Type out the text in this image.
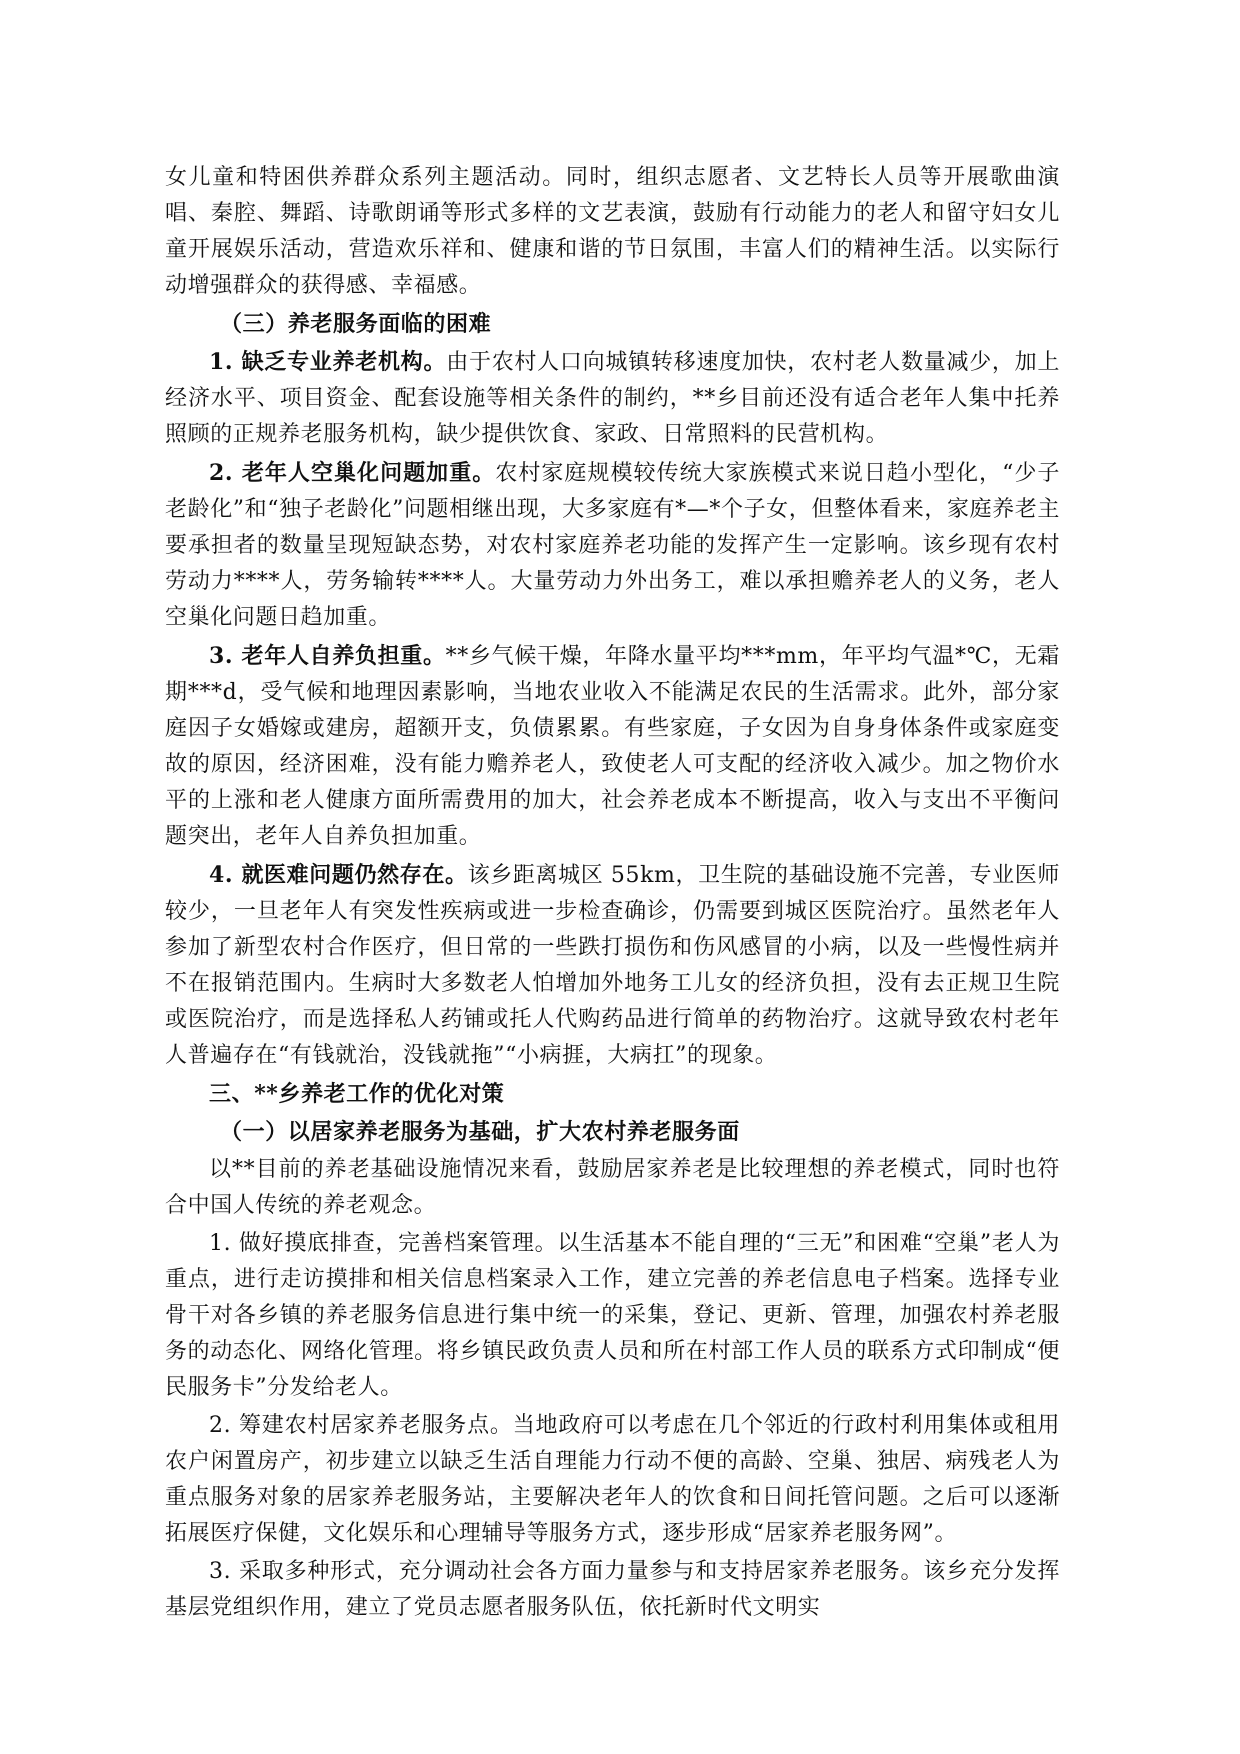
女儿童和特困供养群众系列主题活动。同时，组织志愿者、文艺特长人员等开展歌曲演唱、秦腔、舞蹈、诗歌朗诵等形式多样的文艺表演，鼓励有行动能力的老人和留守妇女儿童开展娱乐活动，营造欢乐祥和、健康和谐的节日氛围，丰富人们的精神生活。以实际行动增强群众的获得感、幸福感。

（三）养老服务面临的困难

1. 缺乏专业养老机构。由于农村人口向城镇转移速度加快，农村老人数量减少，加上经济水平、项目资金、配套设施等相关条件的制约，**乡目前还没有适合老年人集中托养照顾的正规养老服务机构，缺少提供饮食、家政、日常照料的民营机构。

2. 老年人空巢化问题加重。农村家庭规模较传统大家族模式来说日趋小型化，“少子老龄化”和“独子老龄化”问题相继出现，大多家庭有*—*个子女，但整体看来，家庭养老主要承担者的数量呈现短缺态势，对农村家庭养老功能的发挥产生一定影响。该乡现有农村劳动力****人，劳务输转****人。大量劳动力外出务工，难以承担赡养老人的义务，老人空巢化问题日趋加重。

3. 老年人自养负担重。**乡气候干燥，年降水量平均***mm，年平均气温*℃，无霜期***d，受气候和地理因素影响，当地农业收入不能满足农民的生活需求。此外，部分家庭因子女婚嫁或建房，超额开支，负债累累。有些家庭，子女因为自身身体条件或家庭变故的原因，经济困难，没有能力赡养老人，致使老人可支配的经济收入减少。加之物价水平的上涨和老人健康方面所需费用的加大，社会养老成本不断提高，收入与支出不平衡问题突出，老年人自养负担加重。

4. 就医难问题仍然存在。该乡距离城区 55km，卫生院的基础设施不完善，专业医师较少，一旦老年人有突发性疾病或进一步检查确诊，仍需要到城区医院治疗。虽然老年人参加了新型农村合作医疗，但日常的一些跌打损伤和伤风感冒的小病，以及一些慢性病并不在报销范围内。生病时大多数老人怕增加外地务工儿女的经济负担，没有去正规卫生院或医院治疗，而是选择私人药铺或托人代购药品进行简单的药物治疗。这就导致农村老年人普遍存在“有钱就治，没钱就拖”“小病捱，大病扛”的现象。

三、**乡养老工作的优化对策

（一）以居家养老服务为基础，扩大农村养老服务面

以**目前的养老基础设施情况来看，鼓励居家养老是比较理想的养老模式，同时也符合中国人传统的养老观念。

1. 做好摸底排查，完善档案管理。以生活基本不能自理的“三无”和困难“空巢”老人为重点，进行走访摸排和相关信息档案录入工作，建立完善的养老信息电子档案。选择专业骨干对各乡镇的养老服务信息进行集中统一的采集，登记、更新、管理，加强农村养老服务的动态化、网络化管理。将乡镇民政负责人员和所在村部工作人员的联系方式印制成“便民服务卡”分发给老人。

2. 筹建农村居家养老服务点。当地政府可以考虑在几个邻近的行政村利用集体或租用农户闲置房产，初步建立以缺乏生活自理能力行动不便的高龄、空巢、独居、病残老人为重点服务对象的居家养老服务站，主要解决老年人的饮食和日间托管问题。之后可以逐渐拓展医疗保健，文化娱乐和心理辅导等服务方式，逐步形成“居家养老服务网”。

3. 采取多种形式，充分调动社会各方面力量参与和支持居家养老服务。该乡充分发挥基层党组织作用，建立了党员志愿者服务队伍，依托新时代文明实
